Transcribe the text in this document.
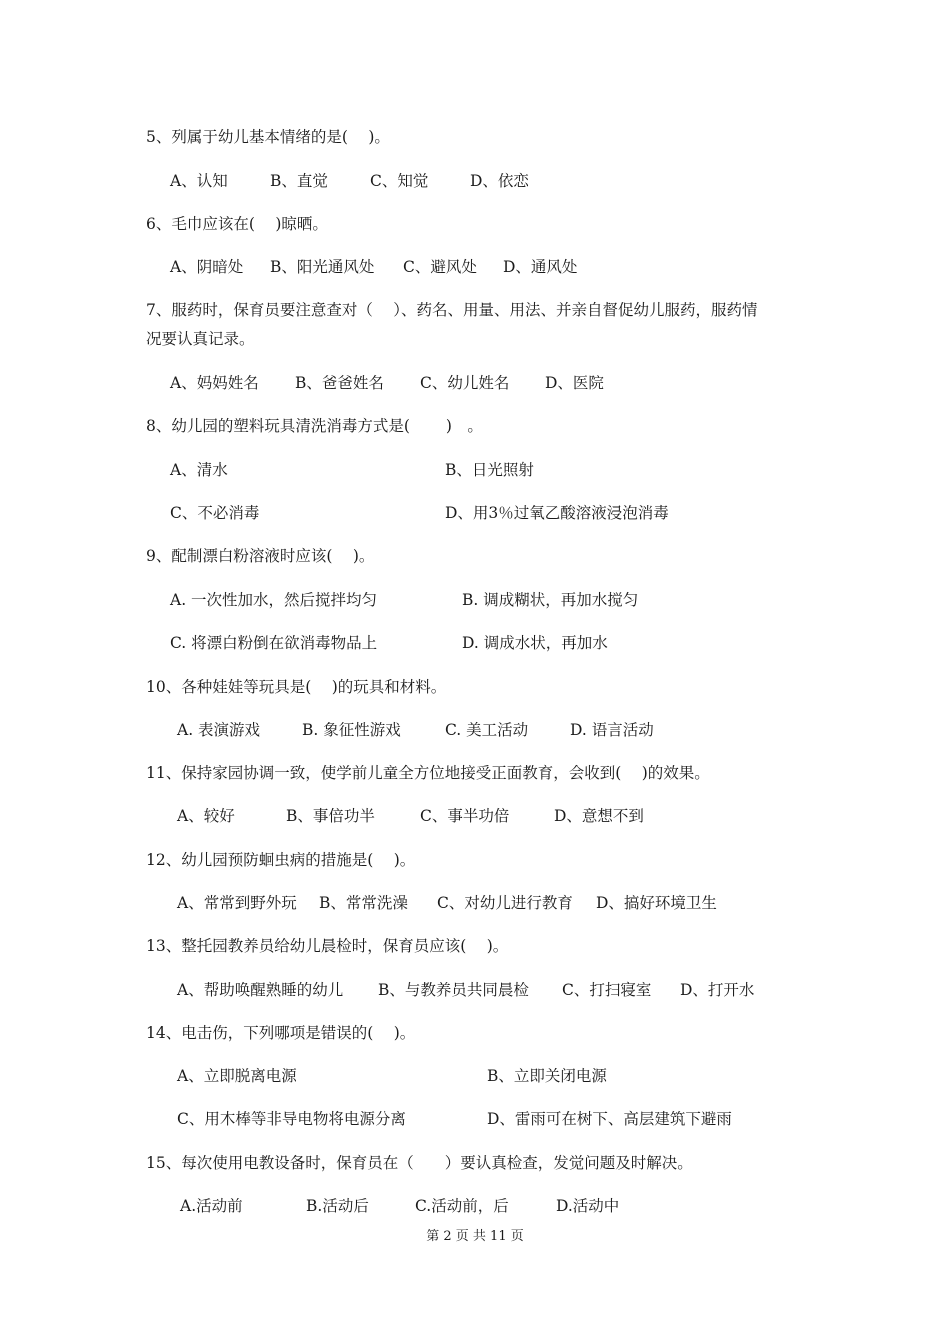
5、列属于幼儿基本情绪的是(　 )。
A、认知	B、直觉	C、知觉	D、依恋
6、毛巾应该在(　 )晾晒。
A、阴暗处 B、阳光通风处 C、避风处 D、通风处
7、服药时，保育员要注意查对（　 ）、药名、用量、用法、并亲自督促幼儿服药，服药情
况要认真记录。
A、妈妈姓名 B、爸爸姓名 C、幼儿姓名 D、医院
8、幼儿园的塑料玩具清洗消毒方式是(　　 )　。
A、清水	B、日光照射
C、不必消毒	D、用3％过氧乙酸溶液浸泡消毒
9、配制漂白粉溶液时应该(　 )。
A. 一次性加水，然后搅拌均匀	B. 调成糊状，再加水搅匀
C. 将漂白粉倒在欲消毒物品上	D. 调成水状，再加水
10、各种娃娃等玩具是(　 )的玩具和材料。
A. 表演游戏	B. 象征性游戏	C. 美工活动	D. 语言活动
11、保持家园协调一致，使学前儿童全方位地接受正面教育，会收到(　 )的效果。
A、较好	B、事倍功半	C、事半功倍	D、意想不到
12、幼儿园预防蛔虫病的措施是(　 )。
A、常常到野外玩 B、常常洗澡 C、对幼儿进行教育 D、搞好环境卫生
13、整托园教养员给幼儿晨检时，保育员应该(　 )。
A、帮助唤醒熟睡的幼儿 B、与教养员共同晨检 C、打扫寝室 D、打开水
14、电击伤，下列哪项是错误的(　 )。
A、立即脱离电源	B、立即关闭电源
C、用木棒等非导电物将电源分离	D、雷雨可在树下、高层建筑下避雨
15、每次使用电教设备时，保育员在（　　）要认真检查，发觉问题及时解决。
A.活动前	B.活动后	C.活动前，后	D.活动中
第 2 页 共 11 页
